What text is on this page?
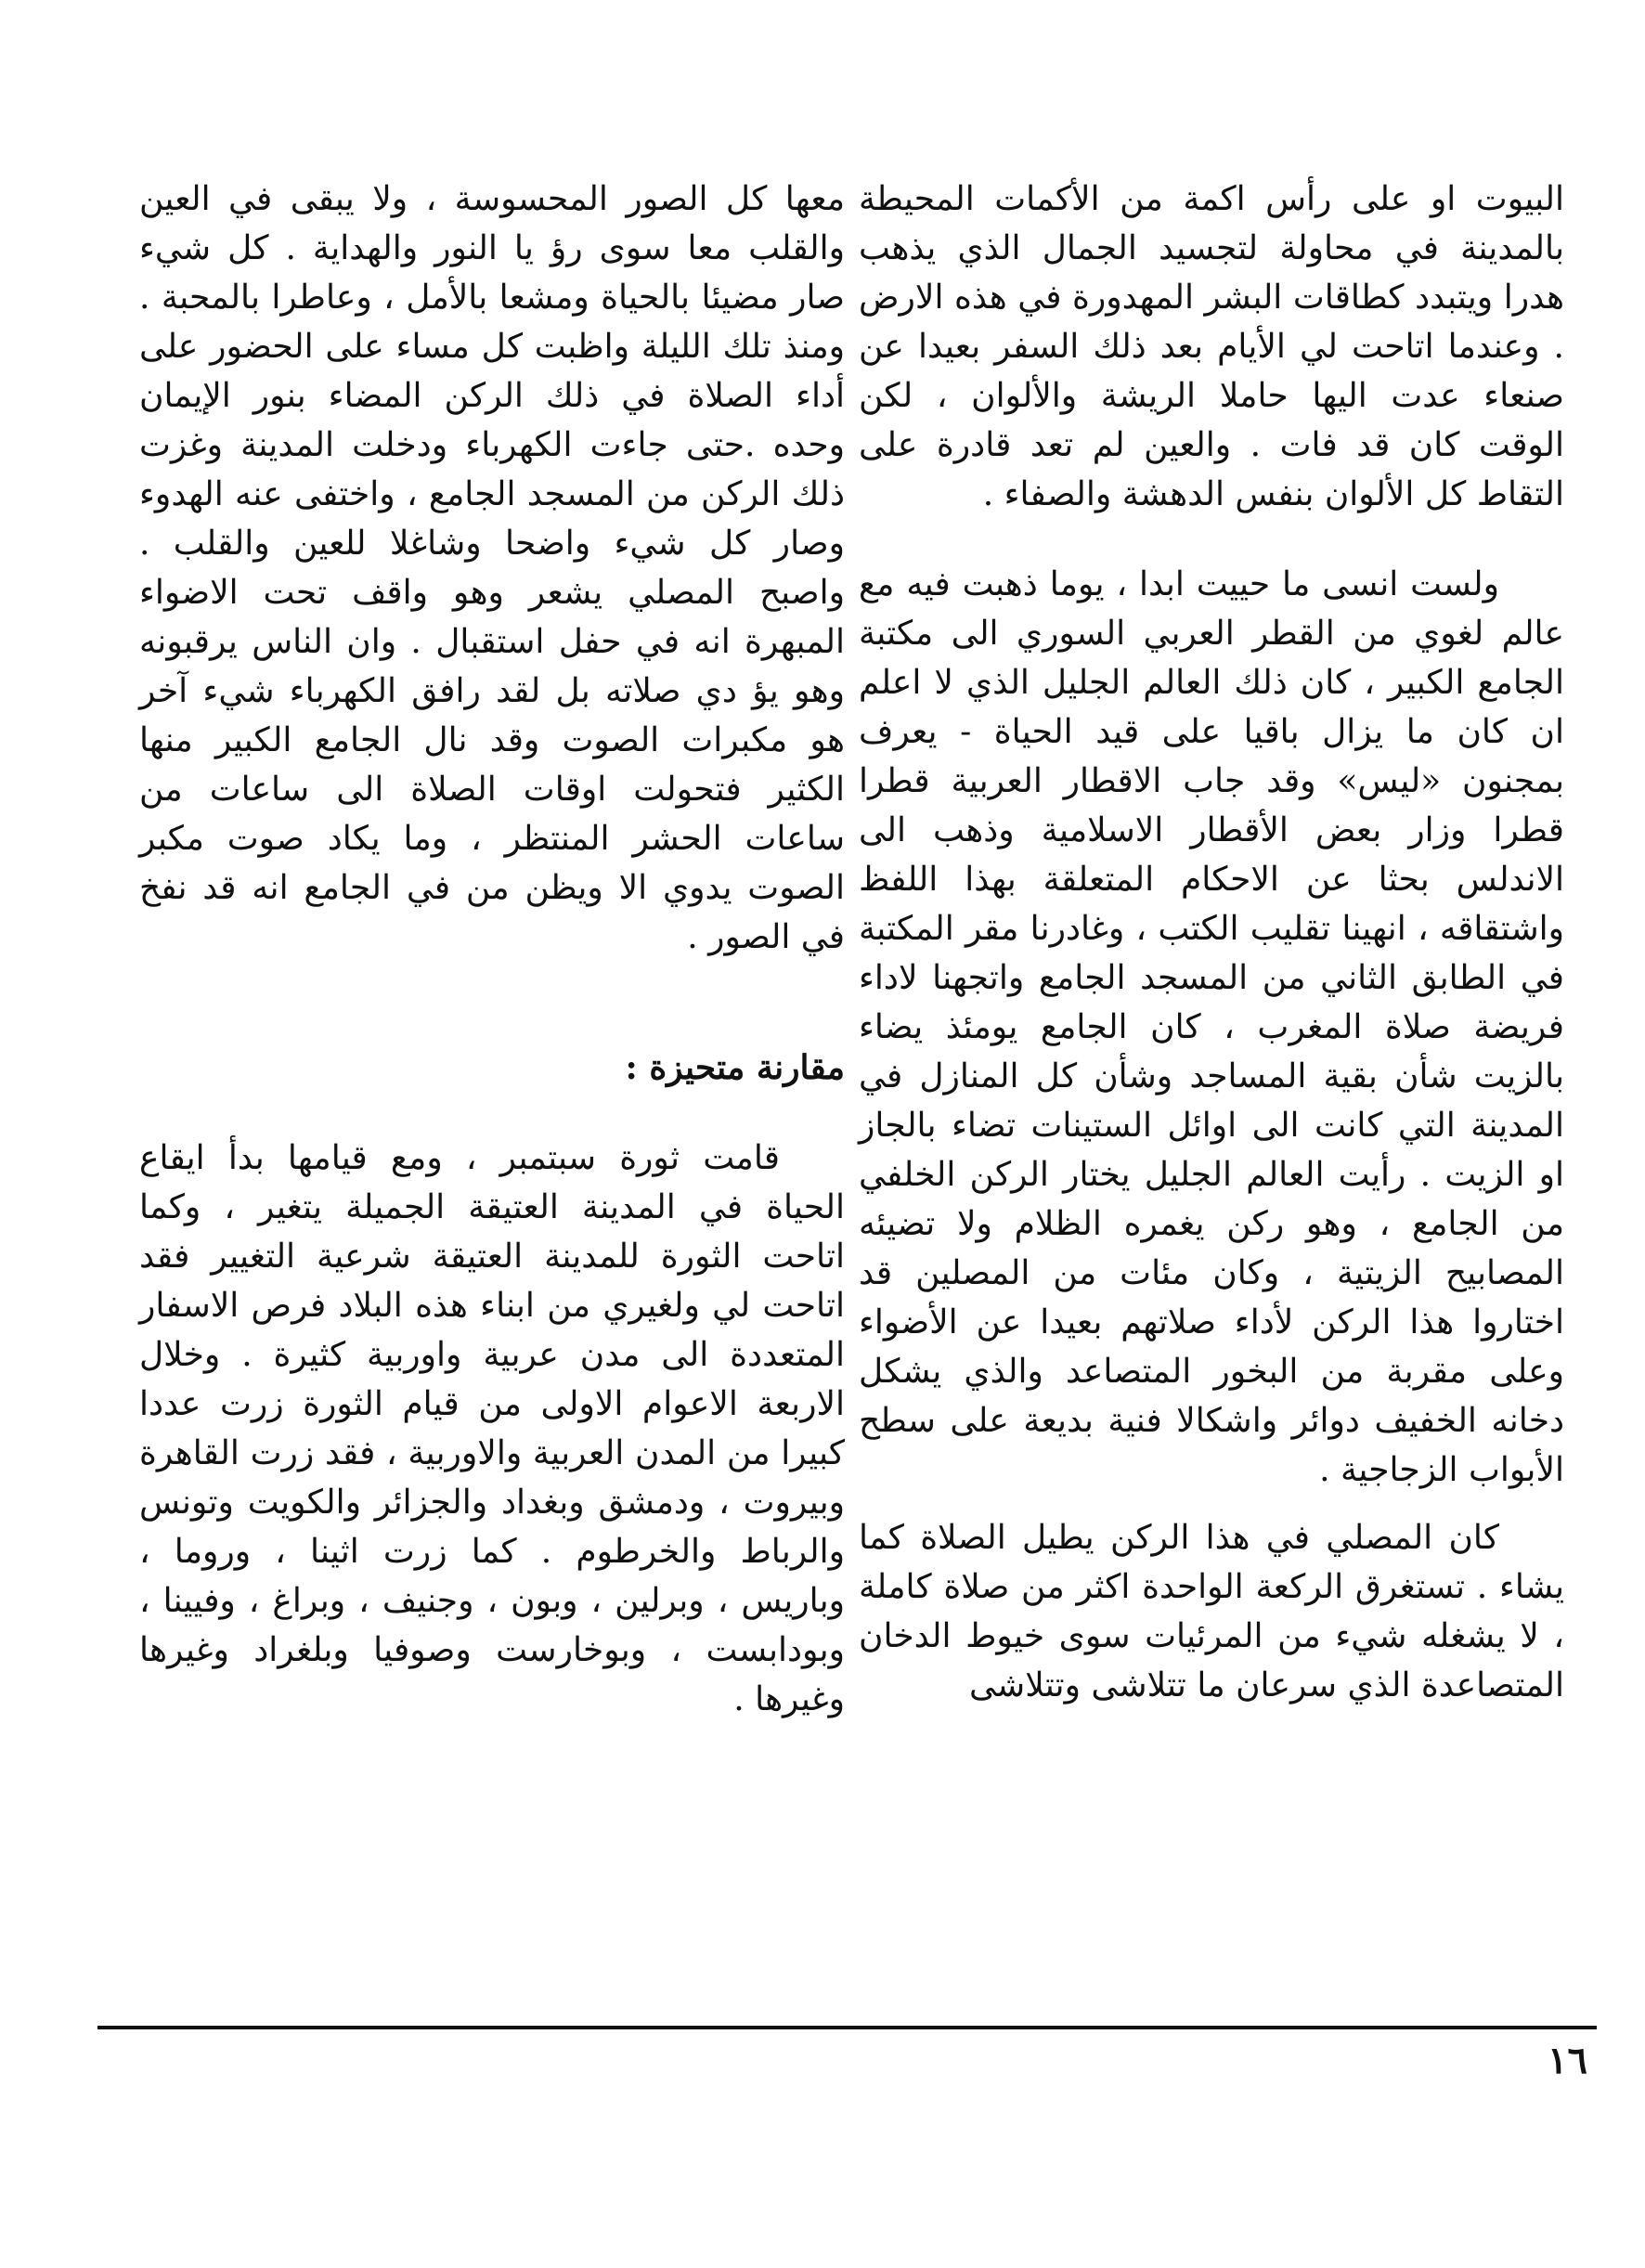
البيوت او على رأس اكمة من الأكمات المحيطة بالمدينة في محاولة لتجسيد الجمال الذي يذهب هدرا ويتبدد كطاقات البشر المهدورة في هذه الارض . وعندما اتاحت لي الأيام بعد ذلك السفر بعيدا عن صنعاء عدت اليها حاملا الريشة والألوان ، لكن الوقت كان قد فات . والعين لم تعد قادرة على التقاط كل الألوان بنفس الدهشة والصفاء .

ولست انسى ما حييت ابدا ، يوما ذهبت فيه مع عالم لغوي من القطر العربي السوري الى مكتبة الجامع الكبير ، كان ذلك العالم الجليل الذي لا اعلم ان كان ما يزال باقيا على قيد الحياة - يعرف بمجنون «ليس» وقد جاب الاقطار العربية قطرا قطرا وزار بعض الأقطار الاسلامية وذهب الى الاندلس بحثا عن الاحكام المتعلقة بهذا اللفظ واشتقاقه ، انهينا تقليب الكتب ، وغادرنا مقر المكتبة في الطابق الثاني من المسجد الجامع واتجهنا لاداء فريضة صلاة المغرب ، كان الجامع يومئذ يضاء بالزيت شأن بقية المساجد وشأن كل المنازل في المدينة التي كانت الى اوائل الستينات تضاء بالجاز او الزيت . رأيت العالم الجليل يختار الركن الخلفي من الجامع ، وهو ركن يغمره الظلام ولا تضيئه المصابيح الزيتية ، وكان مئات من المصلين قد اختاروا هذا الركن لأداء صلاتهم بعيدا عن الأضواء وعلى مقربة من البخور المتصاعد والذي يشكل دخانه الخفيف دوائر واشكالا فنية بديعة على سطح الأبواب الزجاجية .

كان المصلي في هذا الركن يطيل الصلاة كما يشاء . تستغرق الركعة الواحدة اكثر من صلاة كاملة ، لا يشغله شيء من المرئيات سوى خيوط الدخان المتصاعدة الذي سرعان ما تتلاشى وتتلاشى

معها كل الصور المحسوسة ، ولا يبقى في العين والقلب معا سوى رؤ يا النور والهداية . كل شيء صار مضيئا بالحياة ومشعا بالأمل ، وعاطرا بالمحبة . ومنذ تلك الليلة واظبت كل مساء على الحضور على أداء الصلاة في ذلك الركن المضاء بنور الإيمان وحده .حتى جاءت الكهرباء ودخلت المدينة وغزت ذلك الركن من المسجد الجامع ، واختفى عنه الهدوء وصار كل شيء واضحا وشاغلا للعين والقلب . واصبح المصلي يشعر وهو واقف تحت الاضواء المبهرة انه في حفل استقبال . وان الناس يرقبونه وهو يؤ دي صلاته بل لقد رافق الكهرباء شيء آخر هو مكبرات الصوت وقد نال الجامع الكبير منها الكثير فتحولت اوقات الصلاة الى ساعات من ساعات الحشر المنتظر ، وما يكاد صوت مكبر الصوت يدوي الا ويظن من في الجامع انه قد نفخ في الصور .

مقارنة متحيزة :

قامت ثورة سبتمبر ، ومع قيامها بدأ ايقاع الحياة في المدينة العتيقة الجميلة يتغير ، وكما اتاحت الثورة للمدينة العتيقة شرعية التغيير فقد اتاحت لي ولغيري من ابناء هذه البلاد فرص الاسفار المتعددة الى مدن عربية واوربية كثيرة . وخلال الاربعة الاعوام الاولى من قيام الثورة زرت عددا كبيرا من المدن العربية والاوربية ، فقد زرت القاهرة وبيروت ، ودمشق وبغداد والجزائر والكويت وتونس والرباط والخرطوم . كما زرت اثينا ، وروما ، وباريس ، وبرلين ، وبون ، وجنيف ، وبراغ ، وفيينا ، وبودابست ، وبوخارست وصوفيا وبلغراد وغيرها وغيرها .

١٦
